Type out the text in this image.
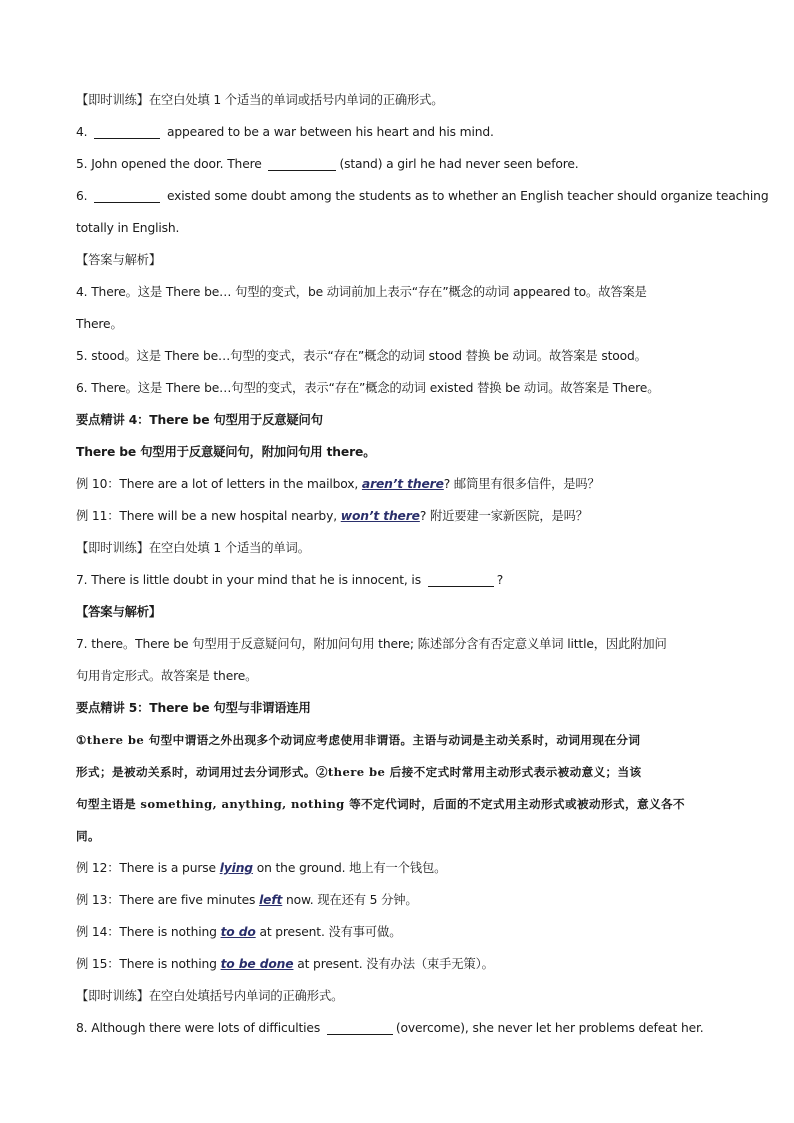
【即时训练】在空白处填 1 个适当的单词或括号内单词的正确形式。
4.	appeared to be a war between his heart and his mind.
5. John opened the door. There	(stand) a girl he had never seen before.
6.	existed some doubt among the students as to whether an English teacher should organize teaching
totally in English.
【答案与解析】
4. There。这是 There be… 句型的变式，be 动词前加上表示“存在”概念的动词 appeared to。故答案是
There。
5. stood。这是 There be…句型的变式，表示“存在”概念的动词 stood 替换 be 动词。故答案是 stood。
6. There。这是 There be…句型的变式，表示“存在”概念的动词 existed 替换 be 动词。故答案是 There。
要点精讲 4：There be 句型用于反意疑问句
There be 句型用于反意疑问句，附加问句用 there。
例 10：There are a lot of letters in the mailbox, aren’t there? 邮筒里有很多信件，是吗？
例 11：There will be a new hospital nearby, won’t there? 附近要建一家新医院，是吗？
【即时训练】在空白处填 1 个适当的单词。
7. There is little doubt in your mind that he is innocent, is	?
【答案与解析】
7. there。There be 句型用于反意疑问句，附加问句用 there; 陈述部分含有否定意义单词 little，因此附加问
句用肯定形式。故答案是 there。
要点精讲 5：There be 句型与非谓语连用
①there be 句型中谓语之外出现多个动词应考虑使用非谓语。主语与动词是主动关系时，动词用现在分词
形式；是被动关系时，动词用过去分词形式。②there be 后接不定式时常用主动形式表示被动意义；当该
句型主语是 something, anything, nothing 等不定代词时，后面的不定式用主动形式或被动形式，意义各不
同。
例 12：There is a purse lying on the ground. 地上有一个钱包。
例 13：There are five minutes left now. 现在还有 5 分钟。
例 14：There is nothing to do at present. 没有事可做。
例 15：There is nothing to be done at present. 没有办法（束手无策）。
【即时训练】在空白处填括号内单词的正确形式。
8. Although there were lots of difficulties	(overcome), she never let her problems defeat her.
